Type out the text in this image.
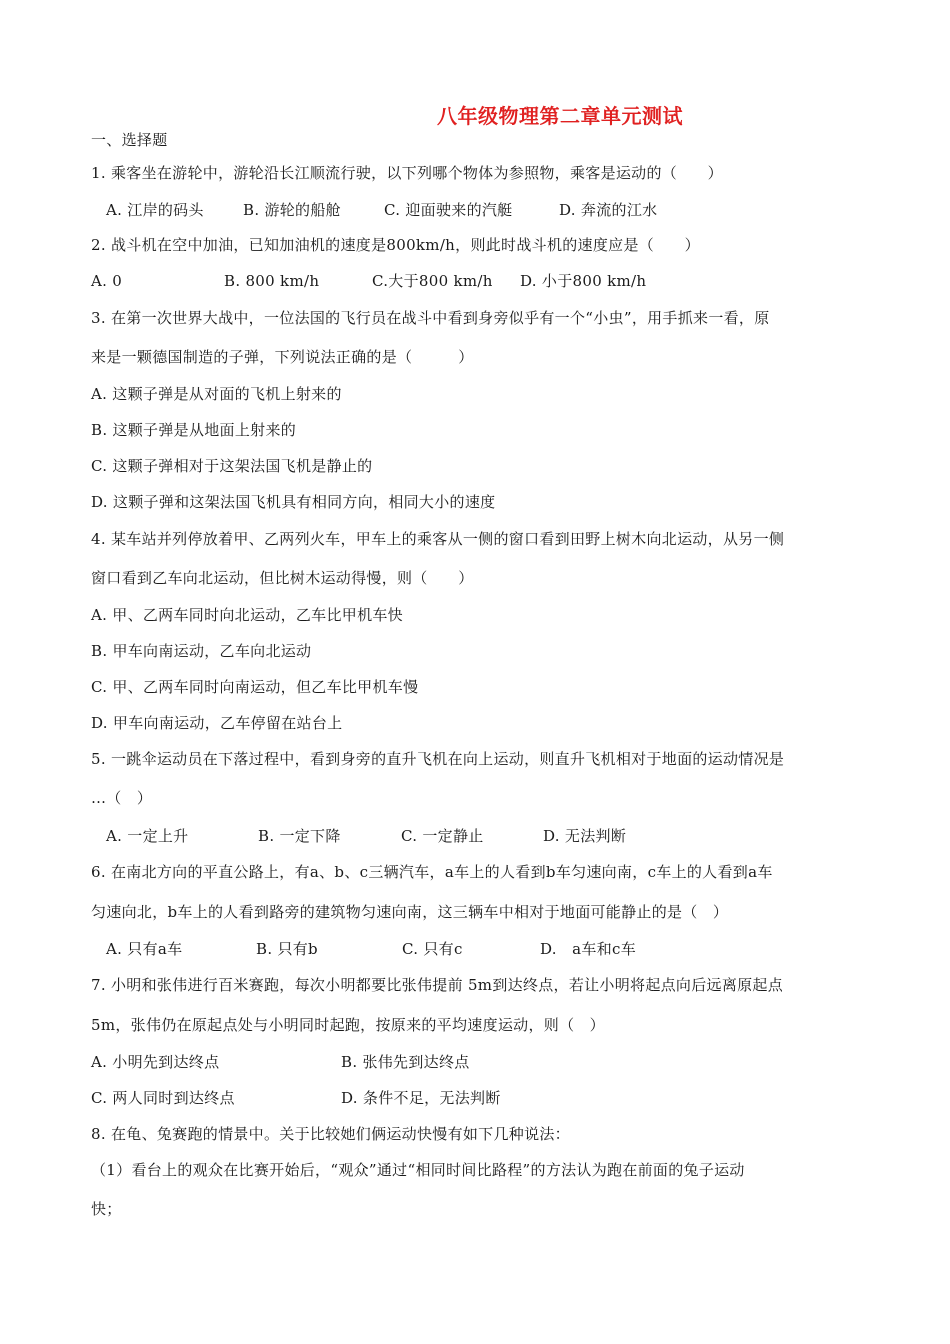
八年级物理第二章单元测试
一、选择题
1. 乘客坐在游轮中，游轮沿长江顺流行驶，以下列哪个物体为参照物，乘客是运动的（　　）
A. 江岸的码头	B. 游轮的船舱	C. 迎面驶来的汽艇	D. 奔流的江水
2. 战斗机在空中加油，已知加油机的速度是800km/h，则此时战斗机的速度应是（　　）
A. 0	B. 800 km/h	C.大于800 km/h D. 小于800 km/h
3. 在第一次世界大战中，一位法国的飞行员在战斗中看到身旁似乎有一个“小虫”，用手抓来一看，原
来是一颗德国制造的子弹，下列说法正确的是（　　　）
A. 这颗子弹是从对面的飞机上射来的
B. 这颗子弹是从地面上射来的
C. 这颗子弹相对于这架法国飞机是静止的
D. 这颗子弹和这架法国飞机具有相同方向，相同大小的速度
4. 某车站并列停放着甲、乙两列火车，甲车上的乘客从一侧的窗口看到田野上树木向北运动，从另一侧
窗口看到乙车向北运动，但比树木运动得慢，则（　　）
A. 甲、乙两车同时向北运动，乙车比甲机车快
B. 甲车向南运动，乙车向北运动
C. 甲、乙两车同时向南运动，但乙车比甲机车慢
D. 甲车向南运动，乙车停留在站台上
5. 一跳伞运动员在下落过程中，看到身旁的直升飞机在向上运动，则直升飞机相对于地面的运动情况是
…（　）
A. 一定上升	B. 一定下降	C. 一定静止	D. 无法判断
6. 在南北方向的平直公路上，有a、b、c三辆汽车，a车上的人看到b车匀速向南，c车上的人看到a车
匀速向北，b车上的人看到路旁的建筑物匀速向南，这三辆车中相对于地面可能静止的是（　）
A. 只有a车	B. 只有b	C. 只有c	D.　a车和c车
7. 小明和张伟进行百米赛跑，每次小明都要比张伟提前 5m到达终点，若让小明将起点向后远离原起点
5m，张伟仍在原起点处与小明同时起跑，按原来的平均速度运动，则（　）
A. 小明先到达终点	B. 张伟先到达终点
C. 两人同时到达终点	D. 条件不足，无法判断
8. 在龟、兔赛跑的情景中。关于比较她们俩运动快慢有如下几种说法：
（1）看台上的观众在比赛开始后，“观众”通过“相同时间比路程”的方法认为跑在前面的兔子运动
快；
